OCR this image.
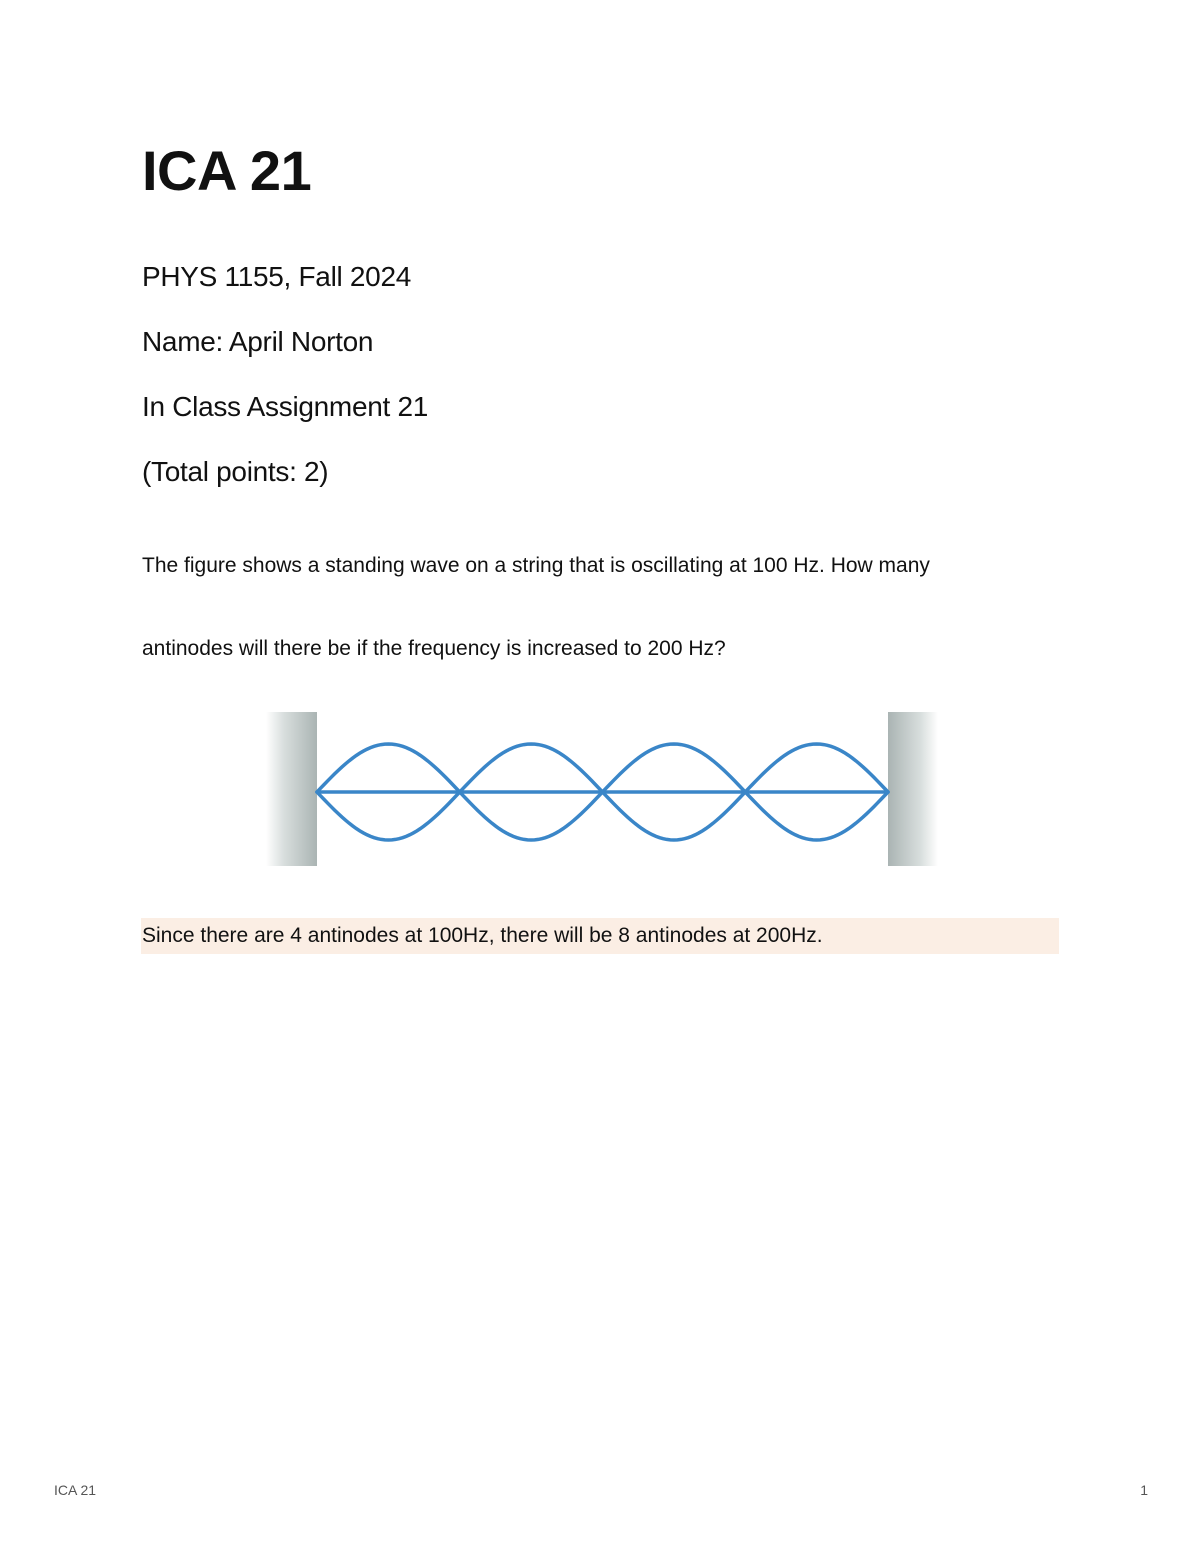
ICA 21

PHYS 1155, Fall 2024

Name: April Norton

In Class Assignment 21

(Total points: 2)

The figure shows a standing wave on a string that is oscillating at 100 Hz. How many

antinodes will there be if the frequency is increased to 200 Hz?

Since there are 4 antinodes at 100Hz, there will be 8 antinodes at 200Hz.
ICA 21	1
